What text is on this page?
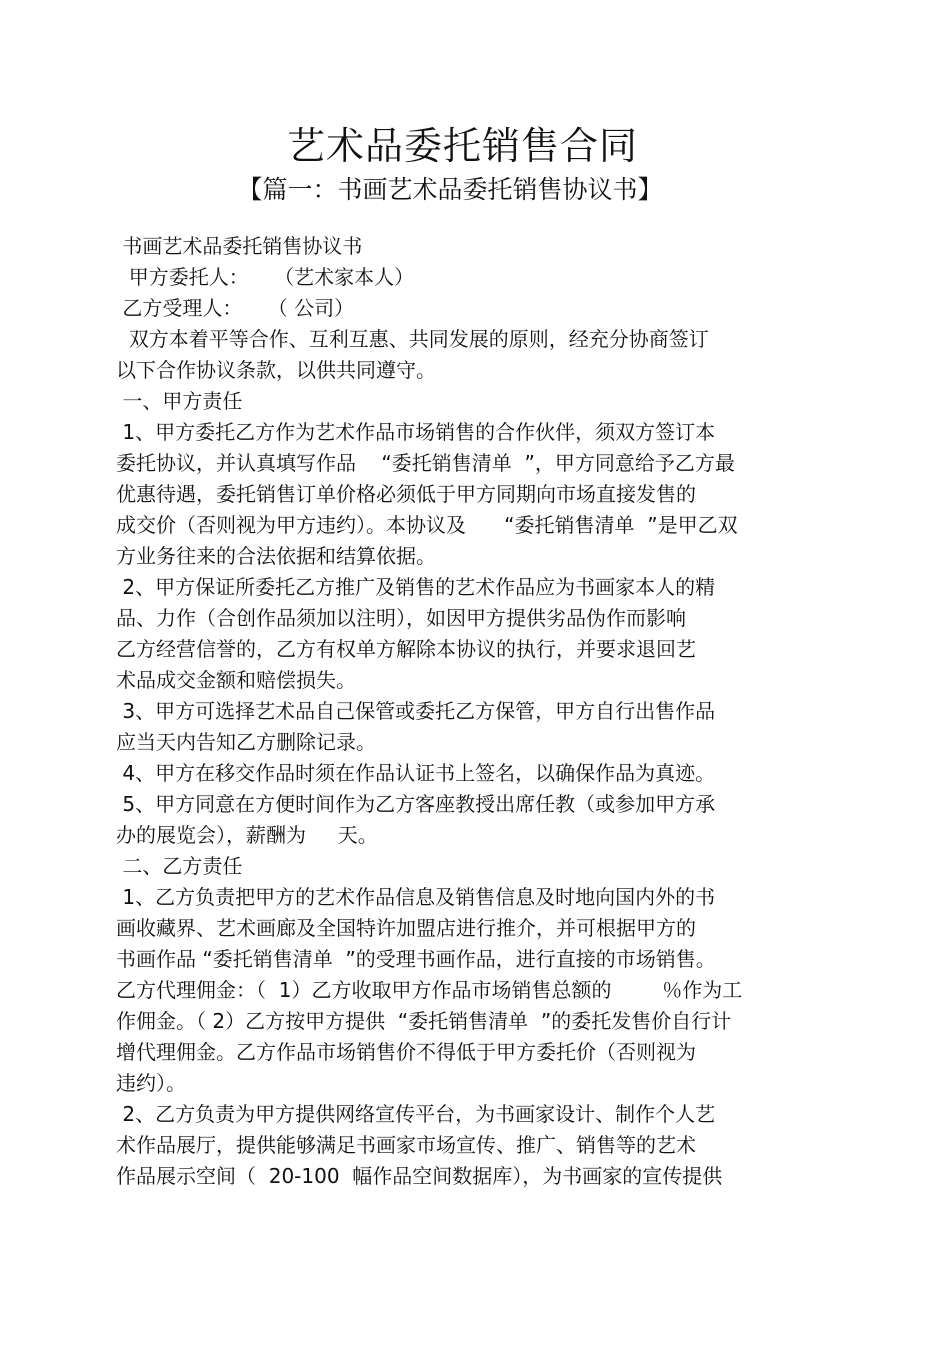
艺术品委托销售合同
【篇一：书画艺术品委托销售协议书】
书画艺术品委托销售协议书
甲方委托人：    （艺术家本人）
乙方受理人：    （ 公司）
双方本着平等合作、互利互惠、共同发展的原则，经充分协商签订
以下合作协议条款，以供共同遵守。
一、甲方责任
1、甲方委托乙方作为艺术作品市场销售的合作伙伴，须双方签订本
委托协议，并认真填写作品    “委托销售清单  ”，甲方同意给予乙方最
优惠待遇，委托销售订单价格必须低于甲方同期向市场直接发售的
成交价（否则视为甲方违约）。本协议及      “委托销售清单  ”是甲乙双
方业务往来的合法依据和结算依据。
2、甲方保证所委托乙方推广及销售的艺术作品应为书画家本人的精
品、力作（合创作品须加以注明），如因甲方提供劣品伪作而影响
乙方经营信誉的，乙方有权单方解除本协议的执行，并要求退回艺
术品成交金额和赔偿损失。
3、甲方可选择艺术品自己保管或委托乙方保管，甲方自行出售作品
应当天内告知乙方删除记录。
4、甲方在移交作品时须在作品认证书上签名，以确保作品为真迹。
5、甲方同意在方便时间作为乙方客座教授出席任教（或参加甲方承
办的展览会），薪酬为     天。
二、乙方责任
1、乙方负责把甲方的艺术作品信息及销售信息及时地向国内外的书
画收藏界、艺术画廊及全国特许加盟店进行推介，并可根据甲方的
书画作品 “委托销售清单  ”的受理书画作品，进行直接的市场销售。
乙方代理佣金：（  1）乙方收取甲方作品市场销售总额的        ％作为工
作佣金。（ 2）乙方按甲方提供  “委托销售清单  ”的委托发售价自行计
增代理佣金。乙方作品市场销售价不得低于甲方委托价（否则视为
违约）。
2、乙方负责为甲方提供网络宣传平台，为书画家设计、制作个人艺
术作品展厅，提供能够满足书画家市场宣传、推广、销售等的艺术
作品展示空间（  20-100  幅作品空间数据库），为书画家的宣传提供
